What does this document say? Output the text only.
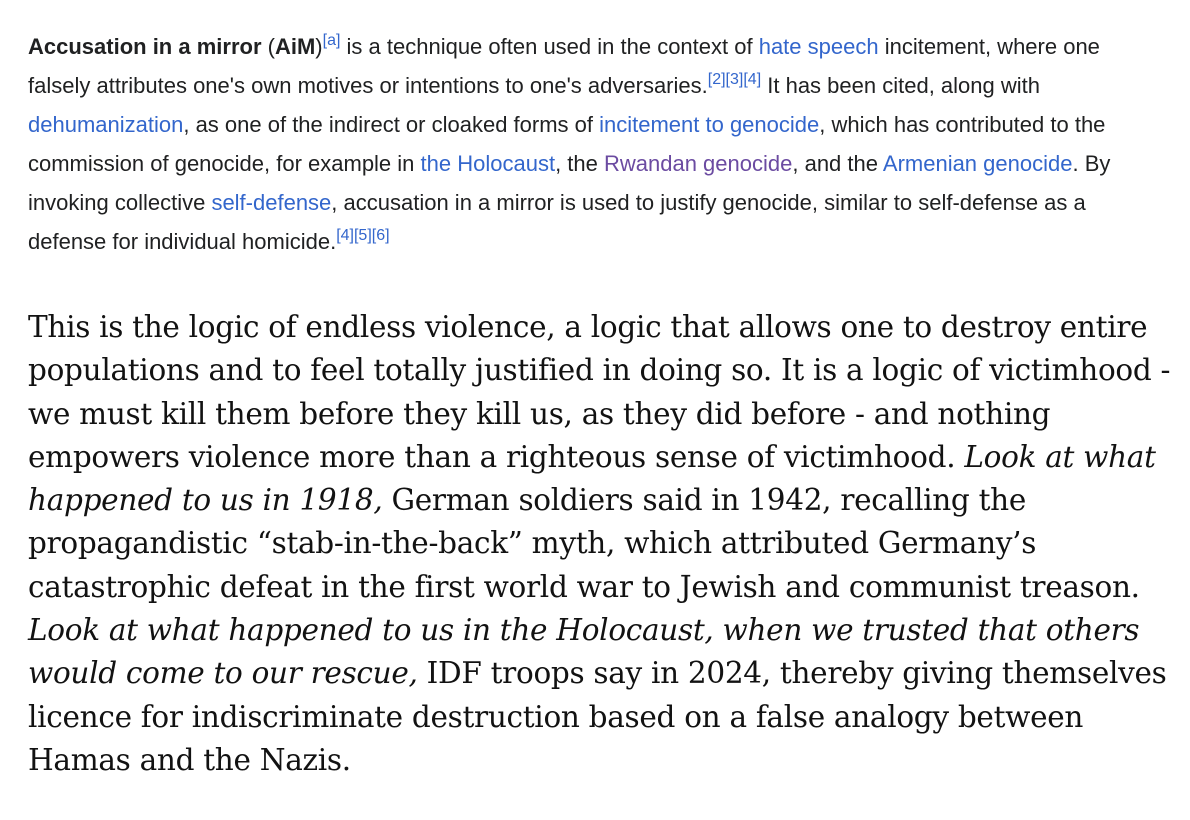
Accusation in a mirror (AiM)[a] is a technique often used in the context of hate speech incitement, where one falsely attributes one's own motives or intentions to one's adversaries.[2][3][4] It has been cited, along with dehumanization, as one of the indirect or cloaked forms of incitement to genocide, which has contributed to the commission of genocide, for example in the Holocaust, the Rwandan genocide, and the Armenian genocide. By invoking collective self-defense, accusation in a mirror is used to justify genocide, similar to self-defense as a defense for individual homicide.[4][5][6]

This is the logic of endless violence, a logic that allows one to destroy entire populations and to feel totally justified in doing so. It is a logic of victimhood - we must kill them before they kill us, as they did before - and nothing empowers violence more than a righteous sense of victimhood. Look at what happened to us in 1918, German soldiers said in 1942, recalling the propagandistic “stab-in-the-back” myth, which attributed Germany’s catastrophic defeat in the first world war to Jewish and communist treason. Look at what happened to us in the Holocaust, when we trusted that others would come to our rescue, IDF troops say in 2024, thereby giving themselves licence for indiscriminate destruction based on a false analogy between Hamas and the Nazis.
